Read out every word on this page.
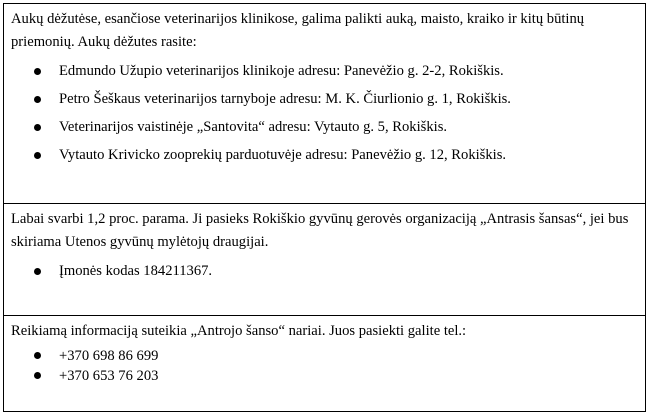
Aukų dėžutėse, esančiose veterinarijos klinikose, galima palikti auką, maisto, kraiko ir kitų būtinų priemonių. Aukų dėžutes rasite:

Edmundo Užupio veterinarijos klinikoje adresu: Panevėžio g. 2-2, Rokiškis.
Petro Šeškaus veterinarijos tarnyboje adresu: M. K. Čiurlionio g. 1, Rokiškis.
Veterinarijos vaistinėje „Santovita“ adresu: Vytauto g. 5, Rokiškis.
Vytauto Krivicko zooprekių parduotuvėje adresu: Panevėžio g. 12, Rokiškis.

Labai svarbi 1,2 proc. parama. Ji pasieks Rokiškio gyvūnų gerovės organizaciją „Antrasis šansas“, jei bus skiriama Utenos gyvūnų mylėtojų draugijai.

Įmonės kodas 184211367.

Reikiamą informaciją suteikia „Antrojo šanso“ nariai. Juos pasiekti galite tel.:

+370 698 86 699
+370 653 76 203
